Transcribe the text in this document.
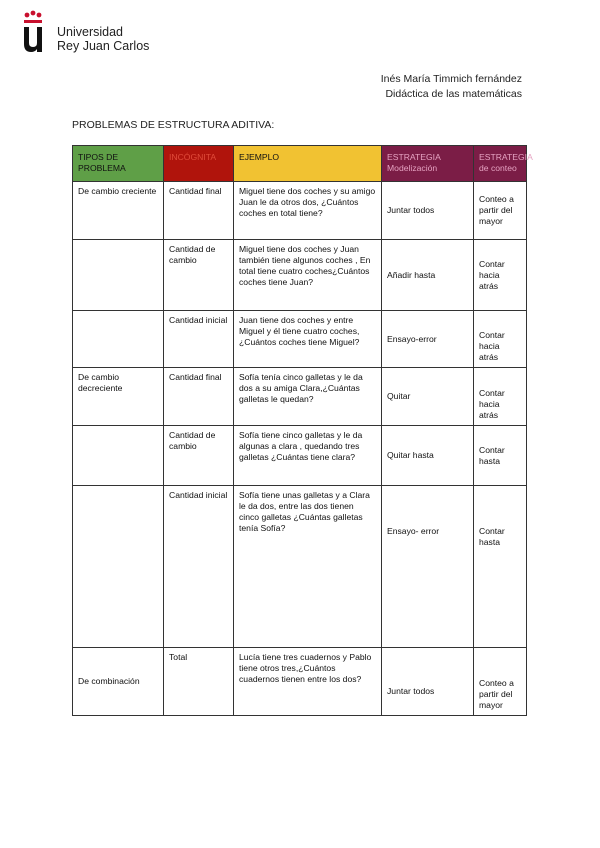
Universidad
Rey Juan Carlos
Inés María Timmich fernández
Didáctica de las matemáticas
PROBLEMAS DE ESTRUCTURA ADITIVA:
TIPOS DE PROBLEMA	INCÓGNITA	EJEMPLO	ESTRATEGIA Modelización	ESTRATEGIA de conteo
De cambio creciente	Cantidad final	Miguel tiene dos coches y su amigo Juan le da otros dos, ¿Cuántos coches en total tiene?	Juntar todos	Conteo a partir del mayor
	Cantidad de cambio	Miguel tiene dos coches y Juan también tiene algunos coches , En total tiene cuatro coches¿Cuántos coches tiene Juan?	Añadir hasta	Contar hacia atrás
	Cantidad inicial	Juan tiene dos coches y entre Miguel y él tiene cuatro coches,¿Cuántos coches tiene Miguel?	Ensayo-error	Contar hacia atrás
De cambio decreciente	Cantidad final	Sofía tenía cinco galletas y le da dos a su amiga Clara,¿Cuántas galletas le quedan?	Quitar	Contar hacia atrás
	Cantidad de cambio	Sofía tiene cinco galletas y le da algunas a clara , quedando tres galletas ¿Cuántas tiene clara?	Quitar hasta	Contar hasta
	Cantidad inicial	Sofía tiene unas galletas y a Clara le da dos, entre las dos tienen cinco galletas ¿Cuántas galletas tenía Sofía?	Ensayo- error	Contar hasta
De combinación	Total	Lucía tiene tres cuadernos y Pablo tiene otros tres,¿Cuántos cuadernos tienen entre los dos?	Juntar todos	Conteo a partir del mayor
